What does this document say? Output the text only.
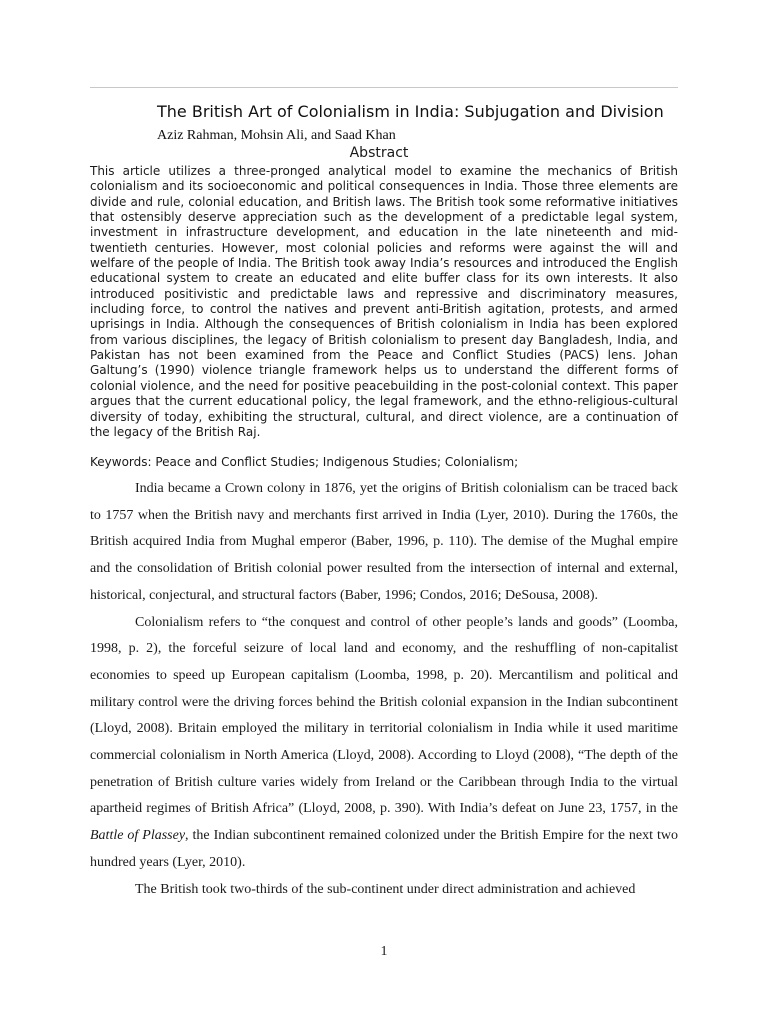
The British Art of Colonialism in India: Subjugation and Division Aziz Rahman, Mohsin Ali, and Saad Khan
Abstract

This article utilizes a three-pronged analytical model to examine the mechanics of British colonialism and its socioeconomic and political consequences in India. Those three elements are divide and rule, colonial education, and British laws. The British took some reformative initiatives that ostensibly deserve appreciation such as the development of a predictable legal system, investment in infrastructure development, and education in the late nineteenth and mid-twentieth centuries. However, most colonial policies and reforms were against the will and welfare of the people of India. The British took away India’s resources and introduced the English educational system to create an educated and elite buffer class for its own interests. It also introduced positivistic and predictable laws and repressive and discriminatory measures, including force, to control the natives and prevent anti-British agitation, protests, and armed uprisings in India. Although the consequences of British colonialism in India has been explored from various disciplines, the legacy of British colonialism to present day Bangladesh, India, and Pakistan has not been examined from the Peace and Conflict Studies (PACS) lens. Johan Galtung’s (1990) violence triangle framework helps us to understand the different forms of colonial violence, and the need for positive peacebuilding in the post-colonial context. This paper argues that the current educational policy, the legal framework, and the ethno-religious-cultural diversity of today, exhibiting the structural, cultural, and direct violence, are a continuation of the legacy of the British Raj.

Keywords: Peace and Conflict Studies; Indigenous Studies; Colonialism;

India became a Crown colony in 1876, yet the origins of British colonialism can be traced back to 1757 when the British navy and merchants first arrived in India (Lyer, 2010). During the 1760s, the British acquired India from Mughal emperor (Baber, 1996, p. 110). The demise of the Mughal empire and the consolidation of British colonial power resulted from the intersection of internal and external, historical, conjectural, and structural factors (Baber, 1996; Condos, 2016; DeSousa, 2008).

Colonialism refers to “the conquest and control of other people’s lands and goods” (Loomba, 1998, p. 2), the forceful seizure of local land and economy, and the reshuffling of non-capitalist economies to speed up European capitalism (Loomba, 1998, p. 20). Mercantilism and political and military control were the driving forces behind the British colonial expansion in the Indian subcontinent (Lloyd, 2008). Britain employed the military in territorial colonialism in India while it used maritime commercial colonialism in North America (Lloyd, 2008). According to Lloyd (2008), “The depth of the penetration of British culture varies widely from Ireland or the Caribbean through India to the virtual apartheid regimes of British Africa” (Lloyd, 2008, p. 390). With India’s defeat on June 23, 1757, in the Battle of Plassey, the Indian subcontinent remained colonized under the British Empire for the next two hundred years (Lyer, 2010).

The British took two-thirds of the sub-continent under direct administration and achieved

1
